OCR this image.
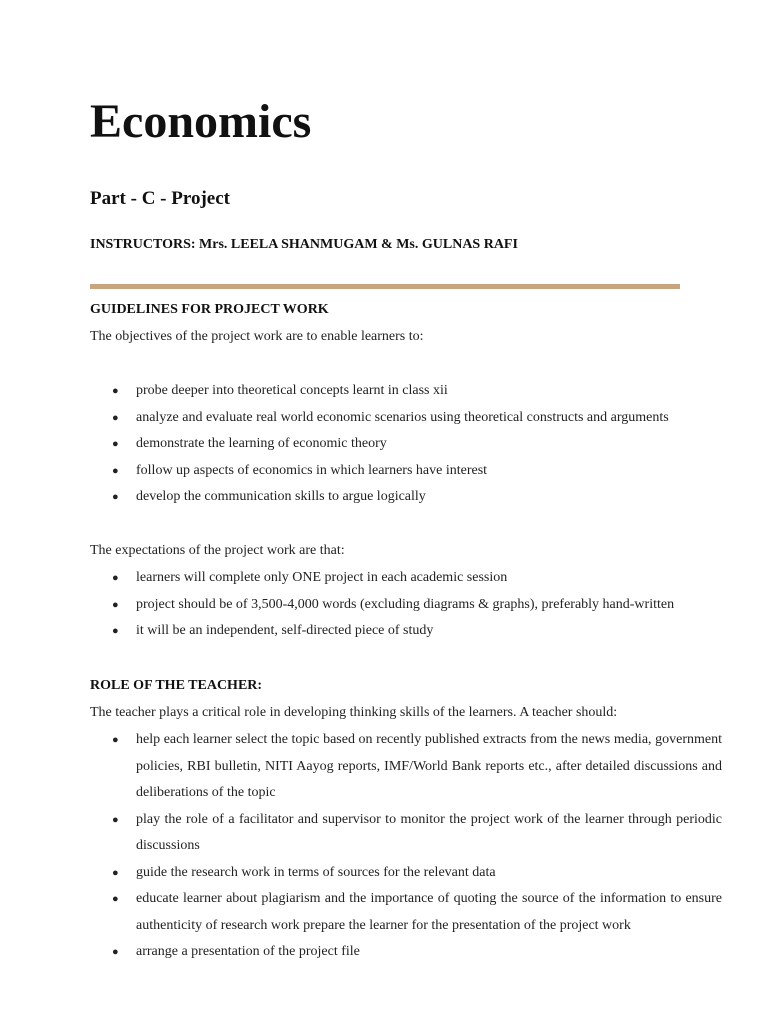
Economics
Part - C - Project

INSTRUCTORS: Mrs. LEELA SHANMUGAM & Ms. GULNAS RAFI

GUIDELINES FOR PROJECT WORK

The objectives of the project work are to enable learners to:

● probe deeper into theoretical concepts learnt in class xii
● analyze and evaluate real world economic scenarios using theoretical constructs and arguments
● demonstrate the learning of economic theory
● follow up aspects of economics in which learners have interest
● develop the communication skills to argue logically

The expectations of the project work are that:

● learners will complete only ONE project in each academic session
● project should be of 3,500-4,000 words (excluding diagrams & graphs), preferably hand-written
● it will be an independent, self-directed piece of study

ROLE OF THE TEACHER:

The teacher plays a critical role in developing thinking skills of the learners. A teacher should:

● help each learner select the topic based on recently published extracts from the news media, government policies, RBI bulletin, NITI Aayog reports, IMF/World Bank reports etc., after detailed discussions and deliberations of the topic
● play the role of a facilitator and supervisor to monitor the project work of the learner through periodic discussions
● guide the research work in terms of sources for the relevant data
● educate learner about plagiarism and the importance of quoting the source of the information to ensure authenticity of research work prepare the learner for the presentation of the project work
● arrange a presentation of the project file
